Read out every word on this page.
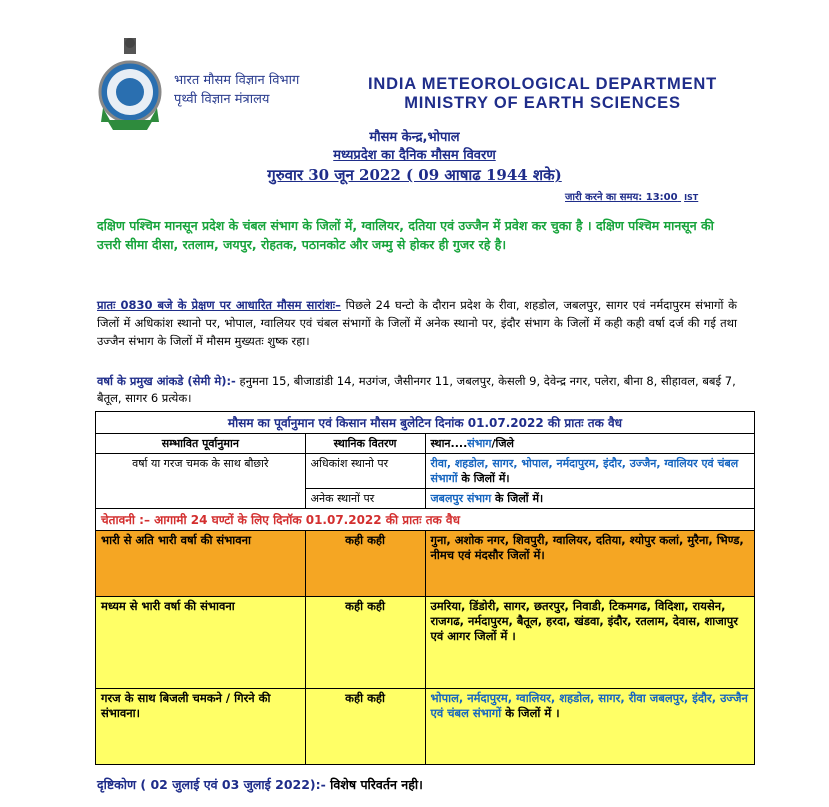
भारत मौसम विज्ञान विभाग
पृथ्वी विज्ञान मंत्रालय
INDIA METEOROLOGICAL DEPARTMENT
MINISTRY OF EARTH SCIENCES
मौसम केन्द्र,भोपाल
मध्यप्रदेश का दैनिक मौसम विवरण
गुरुवार 30 जून 2022 ( 09 आषाढ 1944 शके)
जारी करने का समय: 13:00 IST
दक्षिण पश्चिम मानसून प्रदेश के चंबल संभाग के जिलों में, ग्वालियर, दतिया एवं उज्जैन में प्रवेश कर चुका है । दक्षिण पश्चिम मानसून की उत्तरी सीमा दीसा, रतलाम, जयपुर, रोहतक, पठानकोट और जम्मु से होकर ही गुजर रहे है।
प्रातः 0830 बजे के प्रेक्षण पर आधारित मौसम सारांशः– पिछले 24 घन्टो के दौरान प्रदेश के रीवा, शहडोल, जबलपुर, सागर एवं नर्मदापुरम संभागों के जिलों में अधिकांश स्थानो पर, भोपाल, ग्वालियर एवं चंबल संभागों के जिलों में अनेक स्थानो पर, इंदौर संभाग के जिलों में कही कही वर्षा दर्ज की गई तथा उज्जैन संभाग के जिलों में मौसम मुख्यतः शुष्क रहा।
वर्षा के प्रमुख आंकडे (सेमी मे):- हनुमना 15, बीजाडांडी 14, मउगंज, जैसीनगर 11, जबलपुर, केसली 9, देवेन्द्र नगर, पलेरा, बीना 8, सीहावल, बबई 7, बैतूल, सागर 6 प्रत्येक।
मौसम का पूर्वानुमान एवं किसान मौसम बुलेटिन दिनांक 01.07.2022 की प्रातः तक वैध		
सम्भावित पूर्वानुमान	स्थानिक वितरण	स्थान....संभाग/जिले
वर्षा या गरज चमक के साथ बौछारे	अधिकांश स्थानो पर	रीवा, शहडोल, सागर, भोपाल, नर्मदापुरम, इंदौर, उज्जैन, ग्वालियर एवं चंबल संभागों के जिलों में।
	अनेक स्थानों पर	जबलपुर संभाग के जिलों में।
चेतावनी :– आगामी 24 घण्टों के लिए दिनॉक 01.07.2022 की प्रातः तक वैध		
भारी से अति भारी वर्षा की संभावना	कही कही	गुना, अशोक नगर, शिवपुरी, ग्वालियर, दतिया, श्योपुर कलां, मुरैना, भिण्ड, नीमच एवं मंदसौर जिलों में।
मध्यम से भारी वर्षा की संभावना	कही कही	उमरिया, डिंडोरी, सागर, छतरपुर, निवाडी, टिकमगढ, विदिशा, रायसेन, राजगढ, नर्मदापुरम, बैतूल, हरदा, खंडवा, इंदौर, रतलाम, देवास, शाजापुर एवं आगर जिलों में ।
गरज के साथ बिजली चमकने / गिरने की संभावना।	कही कही	भोपाल, नर्मदापुरम, ग्वालियर, शहडोल, सागर, रीवा जबलपुर, इंदौर, उज्जैन एवं चंबल संभागों के जिलों में ।
दृष्टिकोण ( 02 जुलाई एवं 03 जुलाई 2022):- विशेष परिवर्तन नही।
